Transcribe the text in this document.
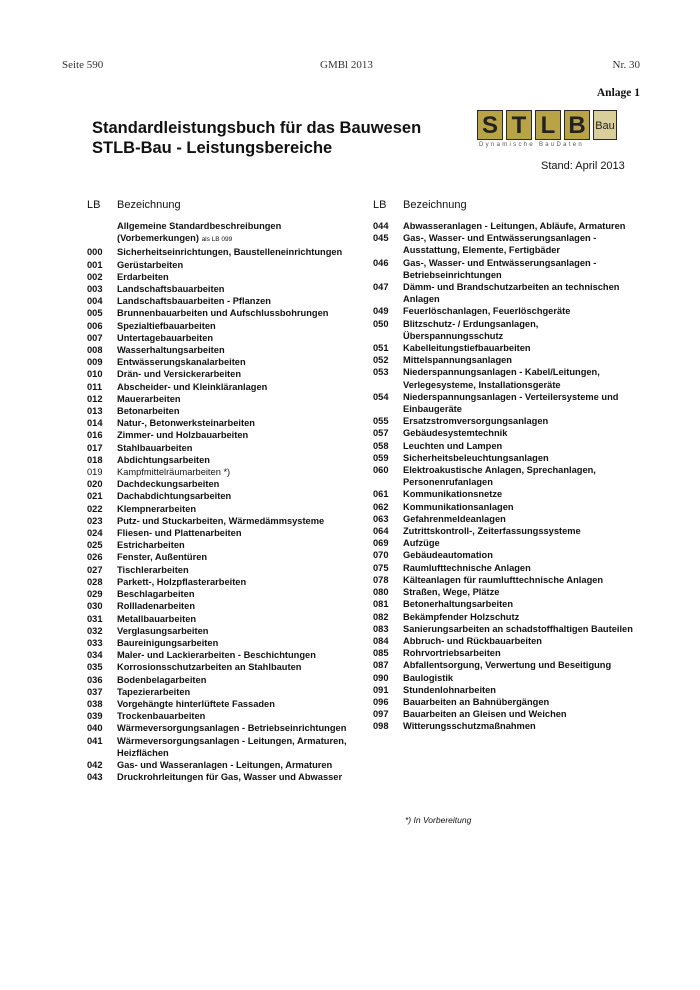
Seite 590	GMBl 2013	Nr. 30
Anlage 1
Standardleistungsbuch für das Bauwesen
STLB-Bau - Leistungsbereiche
S T L B Bau
Dynamische BauDaten
Stand: April 2013
LB	Bezeichnung
Allgemeine Standardbeschreibungen (Vorbemerkungen) als LB 099
000	Sicherheitseinrichtungen, Baustelleneinrichtungen
001	Gerüstarbeiten
002	Erdarbeiten
003	Landschaftsbauarbeiten
004	Landschaftsbauarbeiten - Pflanzen
005	Brunnenbauarbeiten und Aufschlussbohrungen
006	Spezialtiefbauarbeiten
007	Untertagebauarbeiten
008	Wasserhaltungsarbeiten
009	Entwässerungskanalarbeiten
010	Drän- und Versickerarbeiten
011	Abscheider- und Kleinkläranlagen
012	Mauerarbeiten
013	Betonarbeiten
014	Natur-, Betonwerksteinarbeiten
016	Zimmer- und Holzbauarbeiten
017	Stahlbauarbeiten
018	Abdichtungsarbeiten
019	Kampfmittelräumarbeiten *)
020	Dachdeckungsarbeiten
021	Dachabdichtungsarbeiten
022	Klempnerarbeiten
023	Putz- und Stuckarbeiten, Wärmedämmsysteme
024	Fliesen- und Plattenarbeiten
025	Estricharbeiten
026	Fenster, Außentüren
027	Tischlerarbeiten
028	Parkett-, Holzpflasterarbeiten
029	Beschlagarbeiten
030	Rollladenarbeiten
031	Metallbauarbeiten
032	Verglasungsarbeiten
033	Baureinigungsarbeiten
034	Maler- und Lackierarbeiten - Beschichtungen
035	Korrosionsschutzarbeiten an Stahlbauten
036	Bodenbelagarbeiten
037	Tapezierarbeiten
038	Vorgehängte hinterlüftete Fassaden
039	Trockenbauarbeiten
040	Wärmeversorgungsanlagen - Betriebseinrichtungen
041	Wärmeversorgungsanlagen - Leitungen, Armaturen, Heizflächen
042	Gas- und Wasseranlagen - Leitungen, Armaturen
043	Druckrohrleitungen für Gas, Wasser und Abwasser
LB	Bezeichnung
044	Abwasseranlagen - Leitungen, Abläufe, Armaturen
045	Gas-, Wasser- und Entwässerungsanlagen - Ausstattung, Elemente, Fertigbäder
046	Gas-, Wasser- und Entwässerungsanlagen - Betriebseinrichtungen
047	Dämm- und Brandschutzarbeiten an technischen Anlagen
049	Feuerlöschanlagen, Feuerlöschgeräte
050	Blitzschutz- / Erdungsanlagen, Überspannungsschutz
051	Kabelleitungstiefbauarbeiten
052	Mittelspannungsanlagen
053	Niederspannungsanlagen - Kabel/Leitungen, Verlegesysteme, Installationsgeräte
054	Niederspannungsanlagen - Verteilersysteme und Einbaugeräte
055	Ersatzstromversorgungsanlagen
057	Gebäudesystemtechnik
058	Leuchten und Lampen
059	Sicherheitsbeleuchtungsanlagen
060	Elektroakustische Anlagen, Sprechanlagen, Personenrufanlagen
061	Kommunikationsnetze
062	Kommunikationsanlagen
063	Gefahrenmeldeanlagen
064	Zutrittskontroll-, Zeiterfassungssysteme
069	Aufzüge
070	Gebäudeautomation
075	Raumlufttechnische Anlagen
078	Kälteanlagen für raumlufttechnische Anlagen
080	Straßen, Wege, Plätze
081	Betonerhaltungsarbeiten
082	Bekämpfender Holzschutz
083	Sanierungsarbeiten an schadstoffhaltigen Bauteilen
084	Abbruch- und Rückbauarbeiten
085	Rohrvortriebsarbeiten
087	Abfallentsorgung, Verwertung und Beseitigung
090	Baulogistik
091	Stundenlohnarbeiten
096	Bauarbeiten an Bahnübergängen
097	Bauarbeiten an Gleisen und Weichen
098	Witterungsschutzmaßnahmen
*) In Vorbereitung
